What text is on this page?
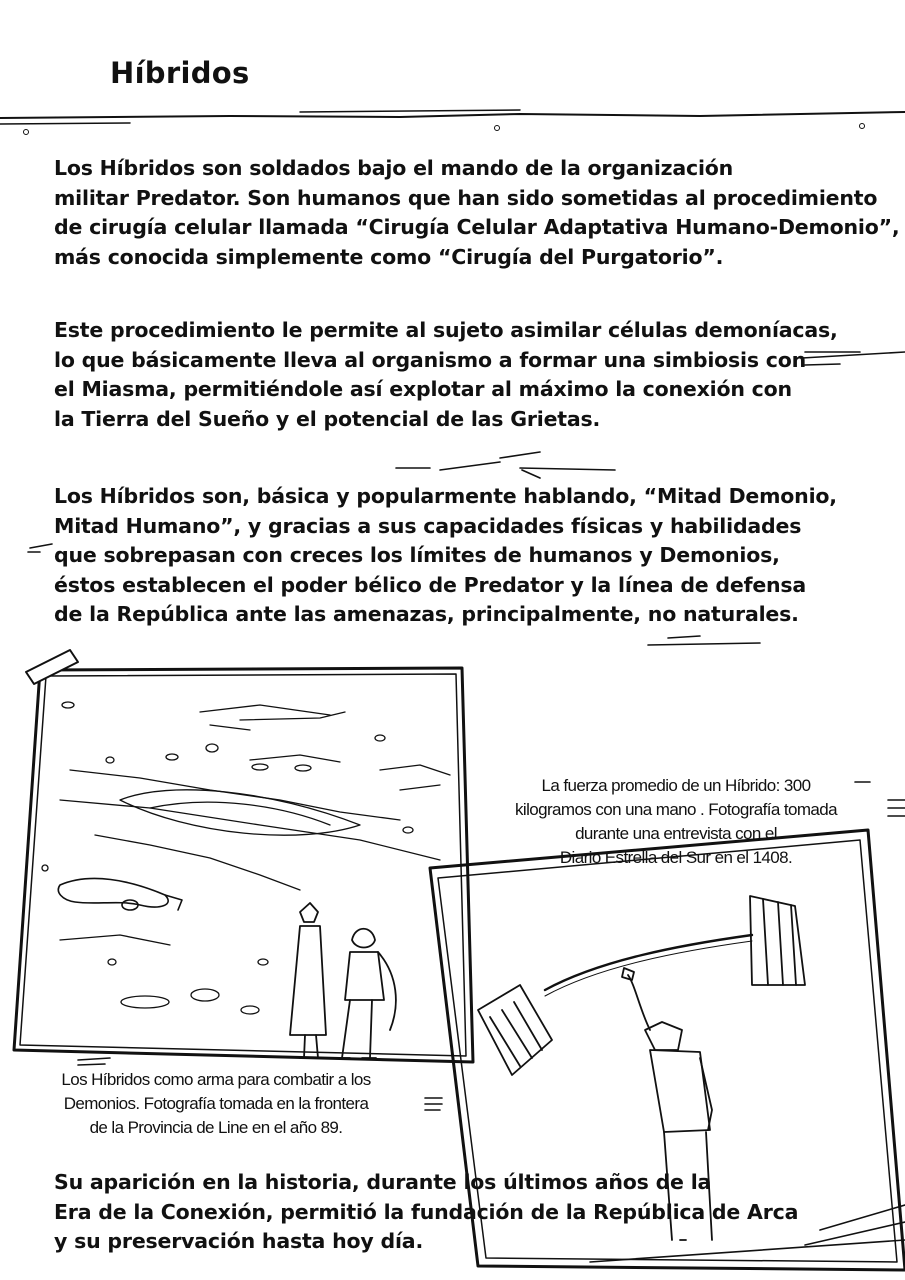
Híbridos

Los Híbridos son soldados bajo el mando de la organización
militar Predator. Son humanos que han sido sometidas al procedimiento
de cirugía celular llamada “Cirugía Celular Adaptativa Humano-Demonio”,
más conocida simplemente como “Cirugía del Purgatorio”.

Este procedimiento le permite al sujeto asimilar células demoníacas,
lo que básicamente lleva al organismo a formar una simbiosis con
el Miasma, permitiéndole así explotar al máximo la conexión con
la Tierra del Sueño y el potencial de las Grietas.

Los Híbridos son, básica y popularmente hablando, “Mitad Demonio,
Mitad Humano”, y gracias a sus capacidades físicas y habilidades
que sobrepasan con creces los límites de humanos y Demonios,
éstos establecen el poder bélico de Predator y la línea de defensa
de la República ante las amenazas, principalmente, no naturales.

La fuerza promedio de un Híbrido: 300
kilogramos con una mano . Fotografía tomada
durante una entrevista con el
Diario Estrella del Sur en el 1408.
Los Híbridos como arma para combatir a los
Demonios. Fotografía tomada en la frontera
de la Provincia de Line en el año 89.

Su aparición en la historia, durante los últimos años de la
Era de la Conexión, permitió la fundación de la República de Arca
y su preservación hasta hoy día.
